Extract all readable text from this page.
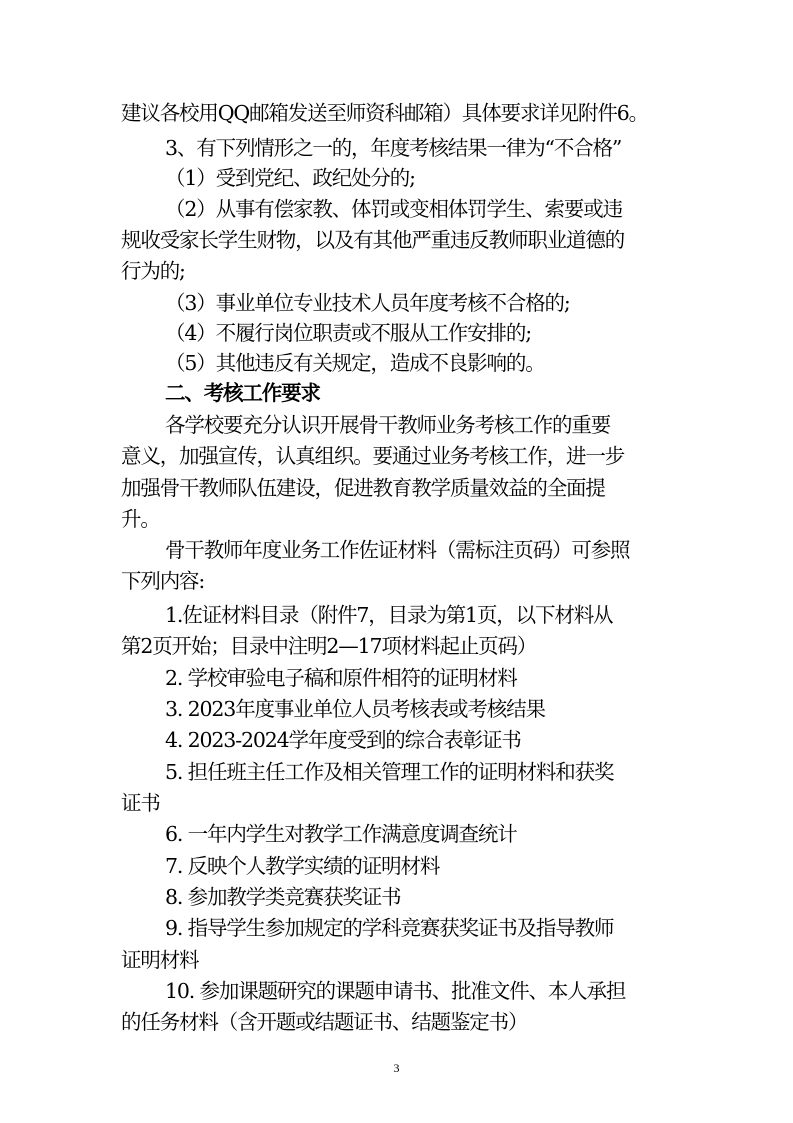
建议各校用QQ邮箱发送至师资科邮箱）具体要求详见附件6。
3、有下列情形之一的，年度考核结果一律为“不合格”
（1）受到党纪、政纪处分的;
（2）从事有偿家教、体罚或变相体罚学生、索要或违
规收受家长学生财物，以及有其他严重违反教师职业道德的
行为的;
（3）事业单位专业技术人员年度考核不合格的;
（4）不履行岗位职责或不服从工作安排的;
（5）其他违反有关规定，造成不良影响的。
二、考核工作要求
各学校要充分认识开展骨干教师业务考核工作的重要
意义，加强宣传，认真组织。要通过业务考核工作，进一步
加强骨干教师队伍建设，促进教育教学质量效益的全面提
升。
骨干教师年度业务工作佐证材料（需标注页码）可参照
下列内容:
1.佐证材料目录（附件7，目录为第1页，以下材料从
第2页开始；目录中注明2—17项材料起止页码）
2. 学校审验电子稿和原件相符的证明材料
3. 2023年度事业单位人员考核表或考核结果
4. 2023-2024学年度受到的综合表彰证书
5. 担任班主任工作及相关管理工作的证明材料和获奖
证书
6. 一年内学生对教学工作满意度调查统计
7. 反映个人教学实绩的证明材料
8. 参加教学类竞赛获奖证书
9. 指导学生参加规定的学科竞赛获奖证书及指导教师
证明材料
10. 参加课题研究的课题申请书、批准文件、本人承担
的任务材料（含开题或结题证书、结题鉴定书）
3
